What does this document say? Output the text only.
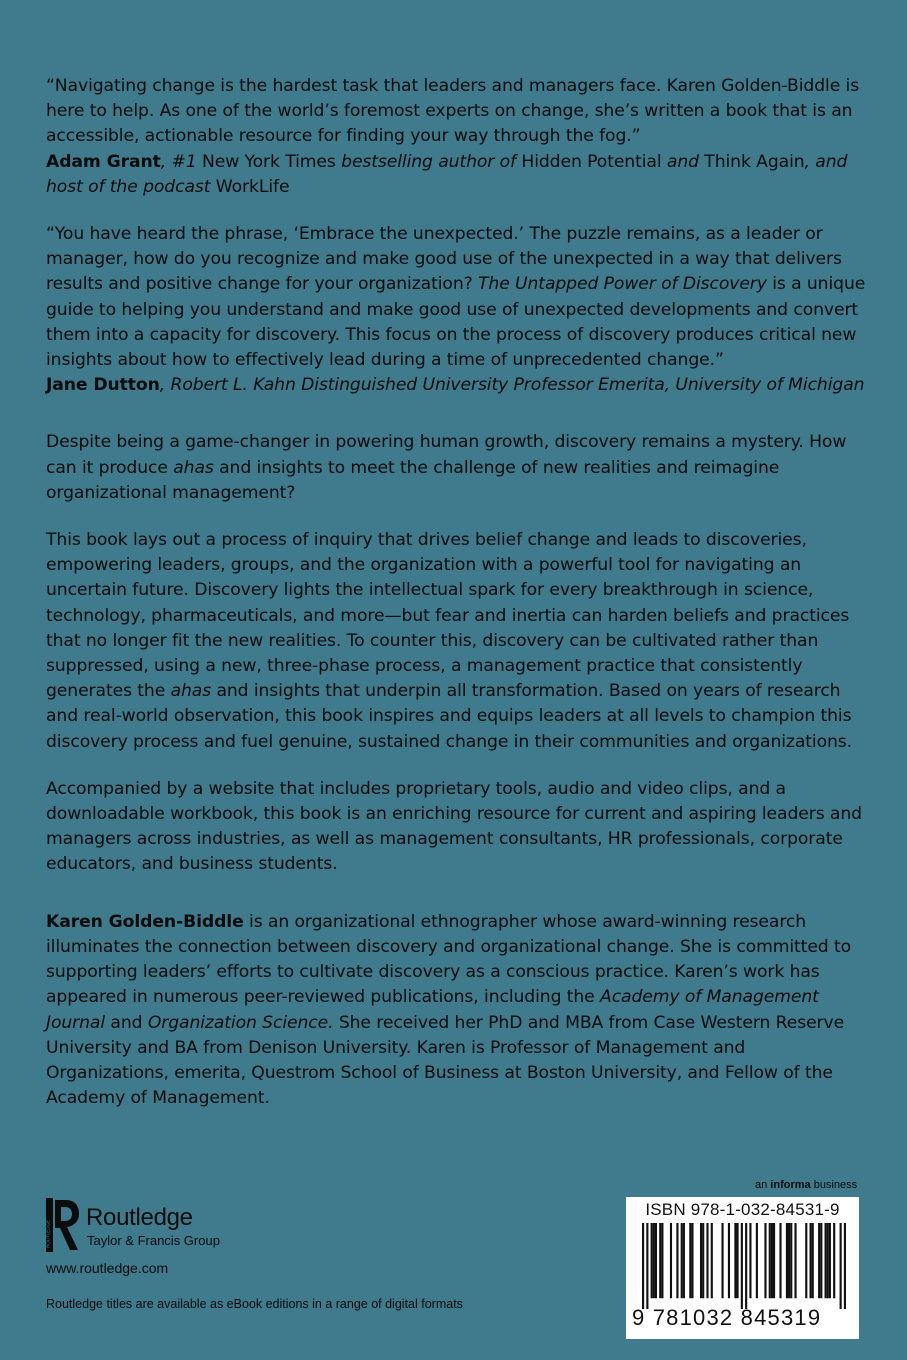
“Navigating change is the hardest task that leaders and managers face. Karen Golden-Biddle is here to help. As one of the world’s foremost experts on change, she’s written a book that is an accessible, actionable resource for finding your way through the fog.”

Adam Grant, #1 New York Times bestselling author of Hidden Potential and Think Again, and host of the podcast WorkLife

“You have heard the phrase, ‘Embrace the unexpected.’ The puzzle remains, as a leader or manager, how do you recognize and make good use of the unexpected in a way that delivers results and positive change for your organization? The Untapped Power of Discovery is a unique guide to helping you understand and make good use of unexpected developments and convert them into a capacity for discovery. This focus on the process of discovery produces critical new insights about how to effectively lead during a time of unprecedented change.”

Jane Dutton, Robert L. Kahn Distinguished University Professor Emerita, University of Michigan

Despite being a game-changer in powering human growth, discovery remains a mystery. How can it produce ahas and insights to meet the challenge of new realities and reimagine organizational management?

This book lays out a process of inquiry that drives belief change and leads to discoveries, empowering leaders, groups, and the organization with a powerful tool for navigating an uncertain future. Discovery lights the intellectual spark for every breakthrough in science, technology, pharmaceuticals, and more—but fear and inertia can harden beliefs and practices that no longer fit the new realities. To counter this, discovery can be cultivated rather than suppressed, using a new, three-phase process, a management practice that consistently generates the ahas and insights that underpin all transformation. Based on years of research and real-world observation, this book inspires and equips leaders at all levels to champion this discovery process and fuel genuine, sustained change in their communities and organizations.

Accompanied by a website that includes proprietary tools, audio and video clips, and a downloadable workbook, this book is an enriching resource for current and aspiring leaders and managers across industries, as well as management consultants, HR professionals, corporate educators, and business students.

Karen Golden-Biddle is an organizational ethnographer whose award-winning research illuminates the connection between discovery and organizational change. She is committed to supporting leaders’ efforts to cultivate discovery as a conscious practice. Karen’s work has appeared in numerous peer-reviewed publications, including the Academy of Management Journal and Organization Science. She received her PhD and MBA from Case Western Reserve University and BA from Denison University. Karen is Professor of Management and Organizations, emerita, Questrom School of Business at Boston University, and Fellow of the Academy of Management.

ROUTLEDGE
Routledge
Taylor & Francis Group
www.routledge.com
Routledge titles are available as eBook editions in a range of digital formats
an informa business
ISBN 978-1-032-84531-9
9 781032 845319
